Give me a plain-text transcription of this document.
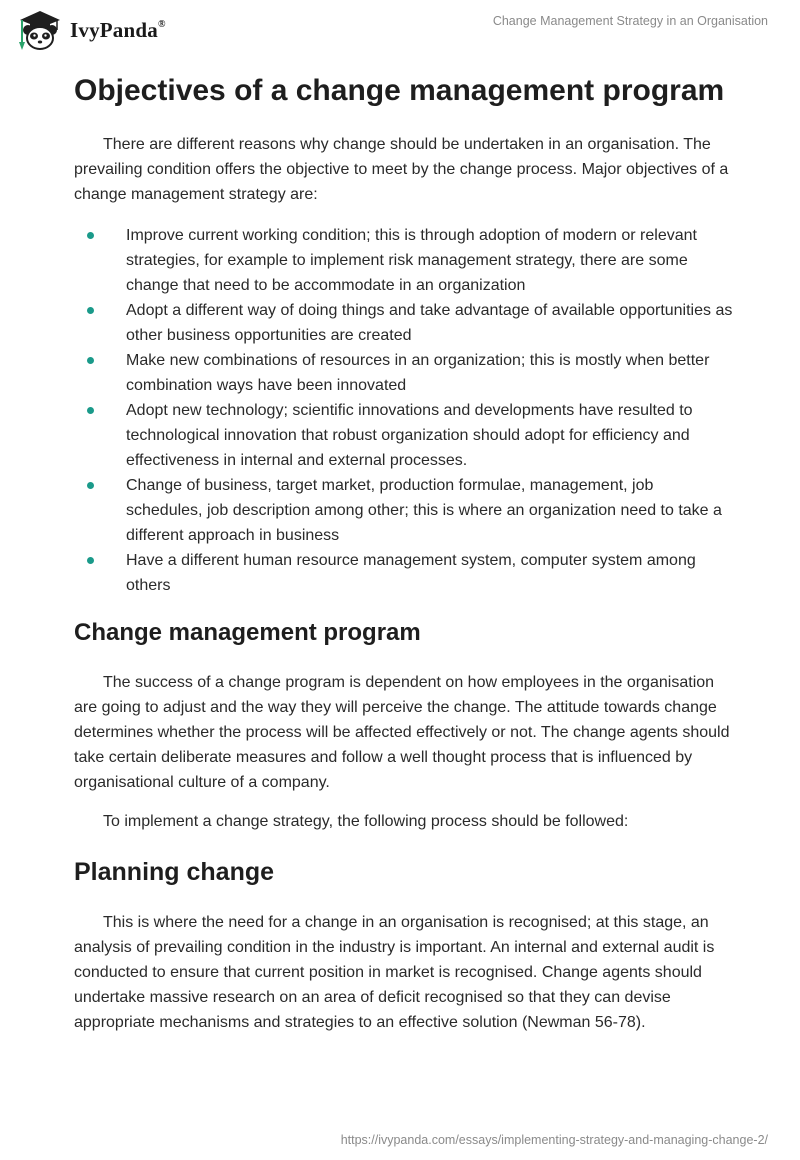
IvyPanda®	Change Management Strategy in an Organisation
Objectives of a change management program

There are different reasons why change should be undertaken in an organisation. The prevailing condition offers the objective to meet by the change process. Major objectives of a change management strategy are:

Improve current working condition; this is through adoption of modern or relevant strategies, for example to implement risk management strategy, there are some change that need to be accommodate in an organization
Adopt a different way of doing things and take advantage of available opportunities as other business opportunities are created
Make new combinations of resources in an organization; this is mostly when better combination ways have been innovated
Adopt new technology; scientific innovations and developments have resulted to technological innovation that robust organization should adopt for efficiency and effectiveness in internal and external processes.
Change of business, target market, production formulae, management, job schedules, job description among other; this is where an organization need to take a different approach in business
Have a different human resource management system, computer system among others
Change management program

The success of a change program is dependent on how employees in the organisation are going to adjust and the way they will perceive the change. The attitude towards change determines whether the process will be affected effectively or not. The change agents should take certain deliberate measures and follow a well thought process that is influenced by organisational culture of a company.

To implement a change strategy, the following process should be followed:

Planning change

This is where the need for a change in an organisation is recognised; at this stage, an analysis of prevailing condition in the industry is important. An internal and external audit is conducted to ensure that current position in market is recognised. Change agents should undertake massive research on an area of deficit recognised so that they can devise appropriate mechanisms and strategies to an effective solution (Newman 56-78).

https://ivypanda.com/essays/implementing-strategy-and-managing-change-2/
